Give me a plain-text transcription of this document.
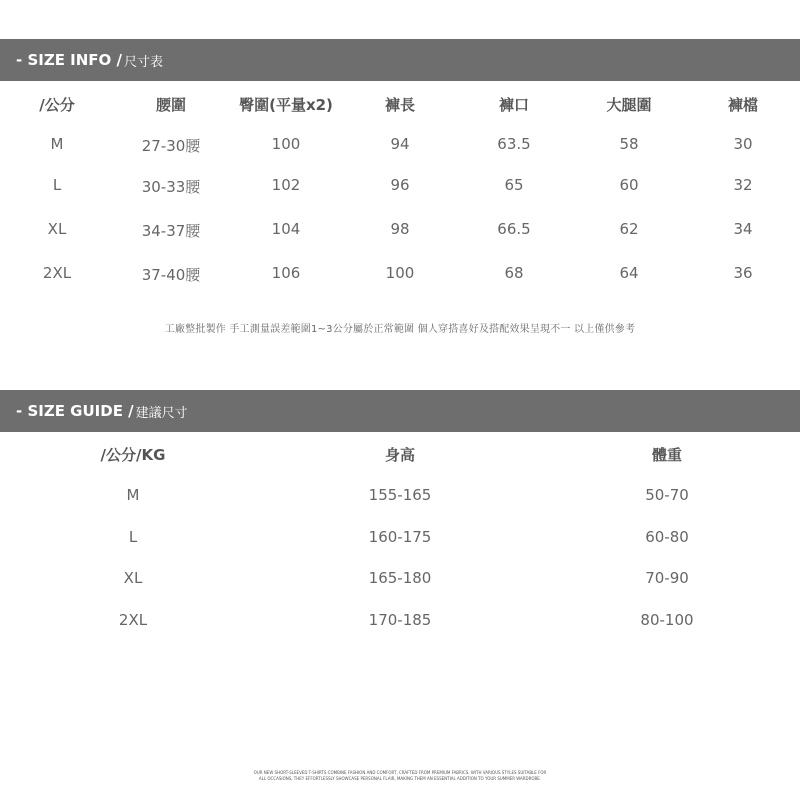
- SIZE INFO / 尺寸表
/公分	腰圍	臀圍(平量x2)	褲長	褲口	大腿圍	褲檔
M	27-30腰	100	94	63.5	58	30
L	30-33腰	102	96	65	60	32
XL	34-37腰	104	98	66.5	62	34
2XL	37-40腰	106	100	68	64	36
工廠整批製作 手工測量誤差範圍1~3公分屬於正常範圍 個人穿搭喜好及搭配效果呈現不一 以上僅供參考
- SIZE GUIDE / 建議尺寸
/公分/KG	身高	體重
M	155-165	50-70
L	160-175	60-80
XL	165-180	70-90
2XL	170-185	80-100
OUR NEW SHORT-SLEEVED T-SHIRTS COMBINE FASHION AND COMFORT, CRAFTED FROM PREMIUM FABRICS. WITH VARIOUS STYLES SUITABLE FOR
ALL OCCASIONS, THEY EFFORTLESSLY SHOWCASE PERSONAL FLAIR, MAKING THEM AN ESSENTIAL ADDITION TO YOUR SUMMER WARDROBE.
